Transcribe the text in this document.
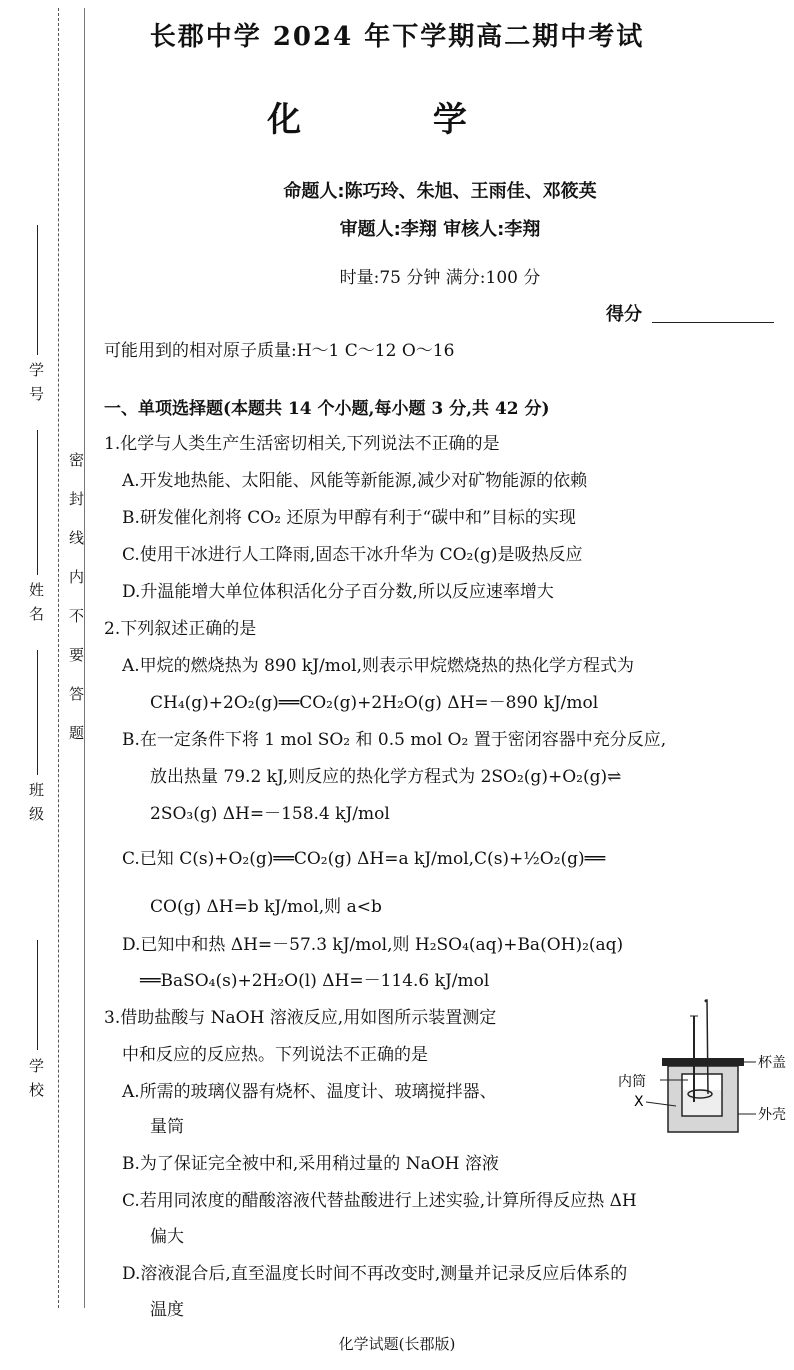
学 号
姓 名
班 级
学 校
密封线内不要答题
长郡中学 2024 年下学期高二期中考试
化 学
命题人:陈巧玲、朱旭、王雨佳、邓筱英
审题人:李翔 审核人:李翔
时量:75 分钟 满分:100 分
得分
可能用到的相对原子质量:H～1 C～12 O～16
一、单项选择题(本题共 14 个小题,每小题 3 分,共 42 分)
1.化学与人类生产生活密切相关,下列说法不正确的是
A.开发地热能、太阳能、风能等新能源,减少对矿物能源的依赖
B.研发催化剂将 CO₂ 还原为甲醇有利于“碳中和”目标的实现
C.使用干冰进行人工降雨,固态干冰升华为 CO₂(g)是吸热反应
D.升温能增大单位体积活化分子百分数,所以反应速率增大
2.下列叙述正确的是
A.甲烷的燃烧热为 890 kJ/mol,则表示甲烷燃烧热的热化学方程式为
CH₄(g)+2O₂(g)══CO₂(g)+2H₂O(g) ΔH=－890 kJ/mol
B.在一定条件下将 1 mol SO₂ 和 0.5 mol O₂ 置于密闭容器中充分反应,
放出热量 79.2 kJ,则反应的热化学方程式为 2SO₂(g)+O₂(g)⇌
2SO₃(g) ΔH=－158.4 kJ/mol
C.已知 C(s)+O₂(g)══CO₂(g) ΔH=a kJ/mol,C(s)+½O₂(g)══
CO(g) ΔH=b kJ/mol,则 a<b
D.已知中和热 ΔH=－57.3 kJ/mol,则 H₂SO₄(aq)+Ba(OH)₂(aq)
══BaSO₄(s)+2H₂O(l) ΔH=－114.6 kJ/mol
3.借助盐酸与 NaOH 溶液反应,用如图所示装置测定
中和反应的反应热。下列说法不正确的是
A.所需的玻璃仪器有烧杯、温度计、玻璃搅拌器、
量筒
B.为了保证完全被中和,采用稍过量的 NaOH 溶液
C.若用同浓度的醋酸溶液代替盐酸进行上述实验,计算所得反应热 ΔH
偏大
D.溶液混合后,直至温度长时间不再改变时,测量并记录反应后体系的
温度
杯盖
内筒
X
外壳
化学试题(长郡版)
